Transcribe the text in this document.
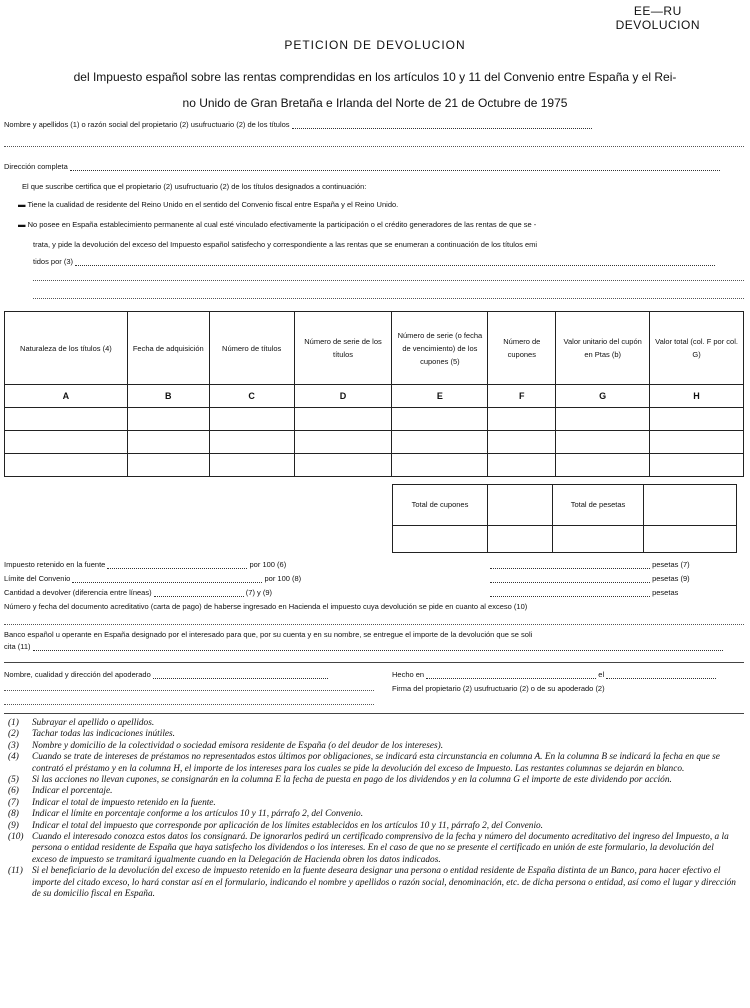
EE—RU
DEVOLUCION
PETICION DE DEVOLUCION
del Impuesto español sobre las rentas comprendidas en los artículos 10 y 11 del Convenio entre España y el Rei-
no Unido de Gran Bretaña e Irlanda del Norte de 21 de Octubre de 1975
Nombre y apellidos (1) o razón social del propietario (2) usufructuario (2) de los títulos
Dirección completa
El que suscribe certifica que el propietario (2) usufructuario (2) de los títulos designados a continuación:
▬ Tiene la cualidad de residente del Reino Unido en el sentido del Convenio fiscal entre España y el Reino Unido.
▬ No posee en España establecimiento permanente al cual esté vinculado efectivamente la participación o el crédito generadores de las rentas de que se -
trata, y pide la devolución del exceso del Impuesto español satisfecho y correspondiente a las rentas que se enumeran a continuación de los títulos emi
tidos por (3)
Naturaleza de los títulos (4)	Fecha de adquisición	Número de títulos	Número de serie de los títulos	Número de serie (o fecha de vencimiento) de los cupones (5)	Número de cupones	Valor unitario del cupón en Ptas (b)	Valor total (col. F por col. G)
A	B	C	D	E	F	G	H

Total de cupones		Total de pesetas	

Impuesto retenido en la fuente	por 100 (6)	pesetas (7)
Límite del Convenio	por 100 (8)	pesetas (9)
Cantidad a devolver (diferencia entre líneas)	(7) y (9)	pesetas
Número y fecha del documento acreditativo (carta de pago) de haberse ingresado en Hacienda el impuesto cuya devolución se pide en cuanto al exceso (10)
Banco español u operante en España designado por el interesado para que, por su cuenta y en su nombre, se entregue el importe de la devolución que se soli
cita (11)
Nombre, cualidad y dirección del apoderado	Hecho en	el
Firma del propietario (2) usufructuario (2) o de su apoderado (2)
(1)	Subrayar el apellido o apellidos.
(2)	Tachar todas las indicaciones inútiles.
(3)	Nombre y domicilio de la colectividad o sociedad emisora residente de España (o del deudor de los intereses).
(4)	Cuando se trate de intereses de préstamos no representados estos últimos por obligaciones, se indicará esta circunstancia en columna A. En la columna B se indicará la fecha en que se contrató el préstamo y en la columna H, el importe de los intereses para los cuales se pide la devolución del exceso de Impuesto. Las restantes columnas se dejarán en blanco.
(5)	Si las acciones no llevan cupones, se consignarán en la columna E la fecha de puesta en pago de los dividendos y en la columna G el importe de este dividendo por acción.
(6)	Indicar el porcentaje.
(7)	Indicar el total de impuesto retenido en la fuente.
(8)	Indicar el límite en porcentaje conforme a los artículos 10 y 11, párrafo 2, del Convenio.
(9)	Indicar el total del impuesto que corresponde por aplicación de los límites establecidos en los artículos 10 y 11, párrafo 2, del Convenio.
(10) Cuando el interesado conozca estos datos los consignará. De ignorarlos pedirá un certificado comprensivo de la fecha y número del documento acreditativo del ingreso del Impuesto, a la persona o entidad residente de España que haya satisfecho los dividendos o los intereses. En el caso de que no se presente el certificado en unión de este formulario, la devolución del exceso de impuesto se tramitará igualmente cuando en la Delegación de Hacienda obren los datos indicados.
(11) Si el beneficiario de la devolución del exceso de impuesto retenido en la fuente deseara designar una persona o entidad residente de España distinta de un Banco, para hacer efectivo el importe del citado exceso, lo hará constar así en el formulario, indicando el nombre y apellidos o razón social, denominación, etc. de dicha persona o entidad, así como el lugar y dirección de su domicilio fiscal en España.
